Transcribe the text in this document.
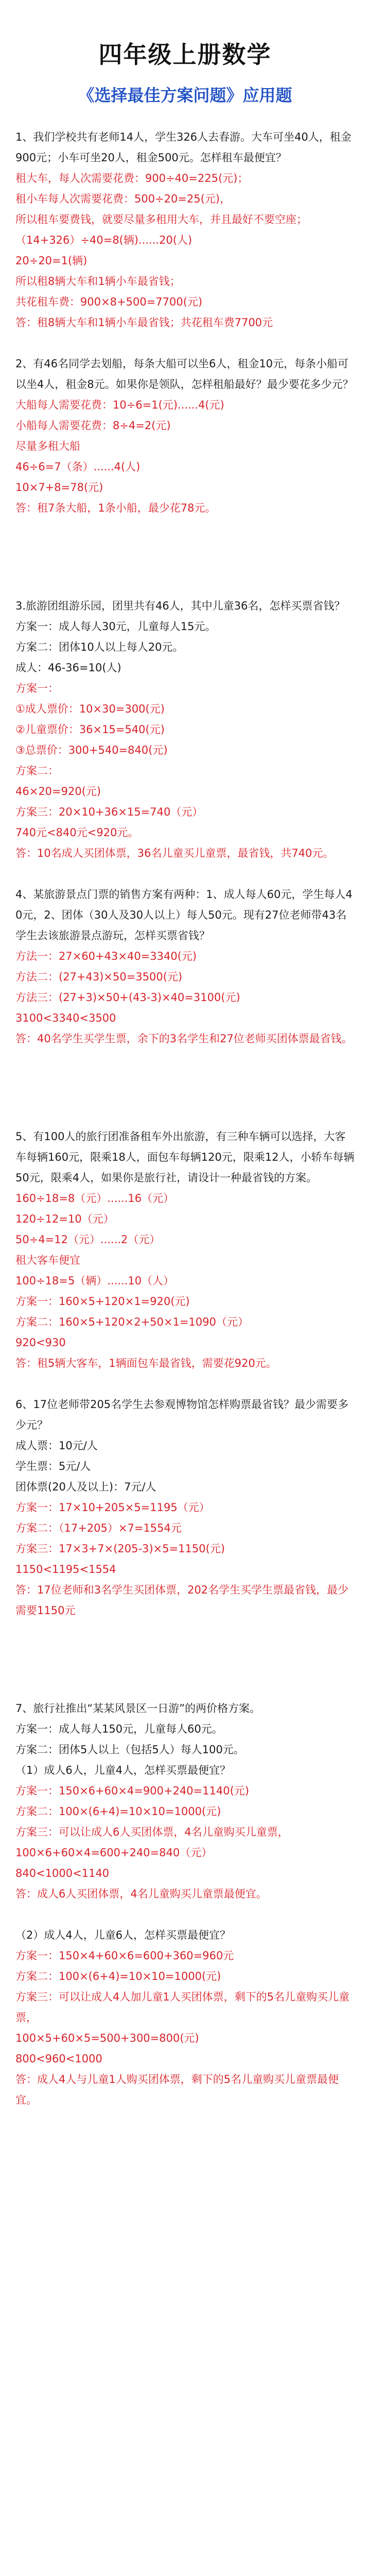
四年级上册数学
《选择最佳方案问题》应用题

1、我们学校共有老师14人，学生326人去春游。大车可坐40人，租金900元；小车可坐20人，租金500元。怎样租车最便宜？

租大车，每人次需要花费：900÷40=225(元)；

租小车每人次需要花费：500÷20=25(元)，

所以租车要费钱，就要尽量多租用大车，并且最好不要空座；

（14+326）÷40=8(辆)......20(人)

20÷20=1(辆)

所以租8辆大车和1辆小车最省钱；

共花租车费：900×8+500=7700(元)

答：租8辆大车和1辆小车最省钱；共花租车费7700元

2、有46名同学去划船，每条大船可以坐6人，租金10元，每条小船可以坐4人，租金8元。如果你是领队，怎样租船最好？最少要花多少元？

大船每人需要花费：10÷6=1(元)......4(元)

小船每人需要花费：8÷4=2(元)

尽量多租大船

46÷6=7（条）......4(人)

10×7+8=78(元)

答：租7条大船，1条小船，最少花78元。

3.旅游团组游乐园，团里共有46人，其中儿童36名，怎样买票省钱？

方案一：成人每人30元，儿童每人15元。

方案二：团体10人以上每人20元。

成人：46-36=10(人)

方案一：

①成人票价：10×30=300(元)

②儿童票价：36×15=540(元)

③总票价：300+540=840(元)

方案二：

46×20=920(元)

方案三：20×10+36×15=740（元）

740元<840元<920元。

答：10名成人买团体票，36名儿童买儿童票，最省钱，共740元。

4、某旅游景点门票的销售方案有两种：1、成人每人60元，学生每人40元，2、团体（30人及30人以上）每人50元。现有27位老师带43名学生去该旅游景点游玩，怎样买票省钱？

方法一：27×60+43×40=3340(元)

方法二：(27+43)×50=3500(元)

方法三：(27+3)×50+(43-3)×40=3100(元)

3100<3340<3500

答：40名学生买学生票，余下的3名学生和27位老师买团体票最省钱。

5、有100人的旅行团准备租车外出旅游，有三种车辆可以选择，大客车每辆160元，限乘18人，面包车每辆120元，限乘12人，小轿车每辆50元，限乘4人，如果你是旅行社，请设计一种最省钱的方案。

160÷18=8（元）......16（元）

120÷12=10（元）

50÷4=12（元）......2（元）

租大客车便宜

100÷18=5（辆）......10（人）

方案一：160×5+120×1=920(元)

方案二：160×5+120×2+50×1=1090（元）

920<930

答：租5辆大客车，1辆面包车最省钱，需要花920元。

6、17位老师带205名学生去参观博物馆怎样购票最省钱？最少需要多少元？

成人票：10元/人

学生票：5元/人

团体票(20人及以上)：7元/人

方案一：17×10+205×5=1195（元）

方案二：（17+205）×7=1554元

方案三：17×3+7×(205-3)×5=1150(元)

1150<1195<1554

答：17位老师和3名学生买团体票，202名学生买学生票最省钱，最少需要1150元

7、旅行社推出“某某风景区一日游”的两价格方案。

方案一：成人每人150元，儿童每人60元。

方案二：团体5人以上（包括5人）每人100元。

（1）成人6人，儿童4人，怎样买票最便宜？

方案一：150×6+60×4=900+240=1140(元)

方案二：100×(6+4)=10×10=1000(元)

方案三：可以让成人6人买团体票，4名儿童购买儿童票，

100×6+60×4=600+240=840（元）

840<1000<1140

答：成人6人买团体票，4名儿童购买儿童票最便宜。

（2）成人4人，儿童6人，怎样买票最便宜？

方案一：150×4+60×6=600+360=960元

方案二：100×(6+4)=10×10=1000(元)

方案三：可以让成人4人加儿童1人买团体票，剩下的5名儿童购买儿童票，

100×5+60×5=500+300=800(元)

800<960<1000

答：成人4人与儿童1人购买团体票，剩下的5名儿童购买儿童票最便宜。
